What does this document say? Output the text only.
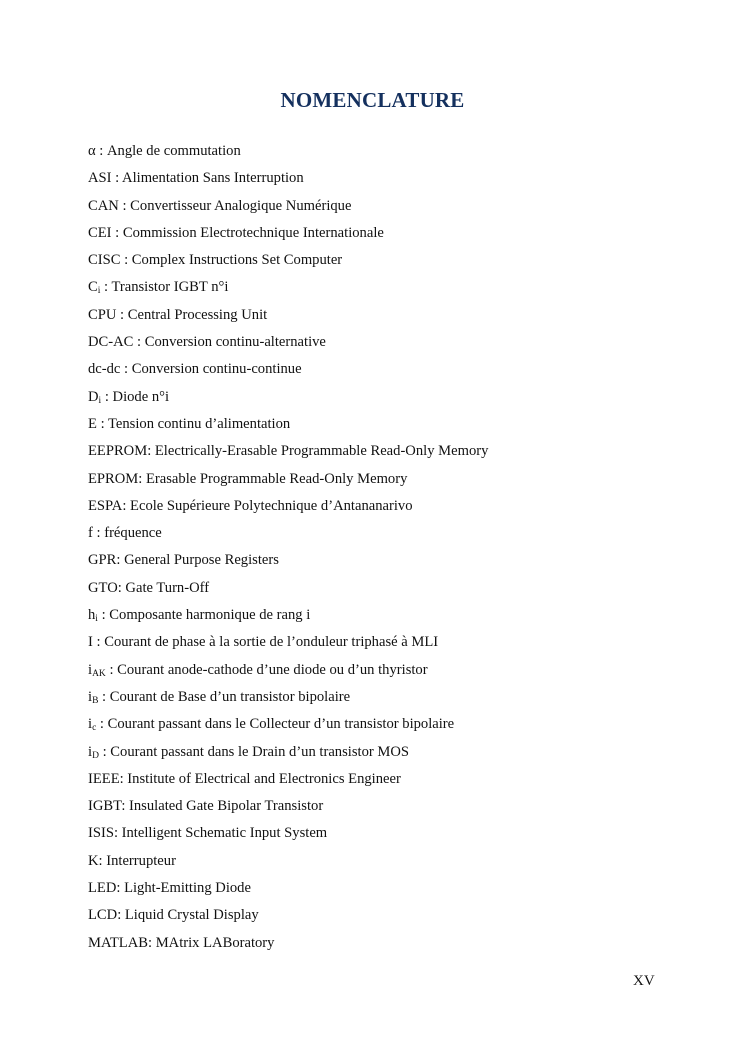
NOMENCLATURE
α : Angle de commutation
ASI : Alimentation Sans Interruption
CAN : Convertisseur Analogique Numérique
CEI : Commission Electrotechnique Internationale
CISC : Complex Instructions Set Computer
$C_i$ : Transistor IGBT n°i
CPU : Central Processing Unit
DC-AC : Conversion continu-alternative
dc-dc : Conversion continu-continue
$D_i$ : Diode n°i
E : Tension continu d’alimentation
EEPROM: Electrically-Erasable Programmable Read-Only Memory
EPROM: Erasable Programmable Read-Only Memory
ESPA: Ecole Supérieure Polytechnique d’Antananarivo
f : fréquence
GPR: General Purpose Registers
GTO: Gate Turn-Off
$h_i$ : Composante harmonique de rang i
I : Courant de phase à la sortie de l’onduleur triphasé à MLI
$i_{AK}$ : Courant anode-cathode d’une diode ou d’un thyristor
$i_B$ : Courant de Base d’un transistor bipolaire
$i_c$ : Courant passant dans le Collecteur d’un transistor bipolaire
$i_D$ : Courant passant dans le Drain d’un transistor MOS
IEEE: Institute of Electrical and Electronics Engineer
IGBT: Insulated Gate Bipolar Transistor
ISIS: Intelligent Schematic Input System
K: Interrupteur
LED: Light-Emitting Diode
LCD: Liquid Crystal Display
MATLAB: MAtrix LABoratory
XV
